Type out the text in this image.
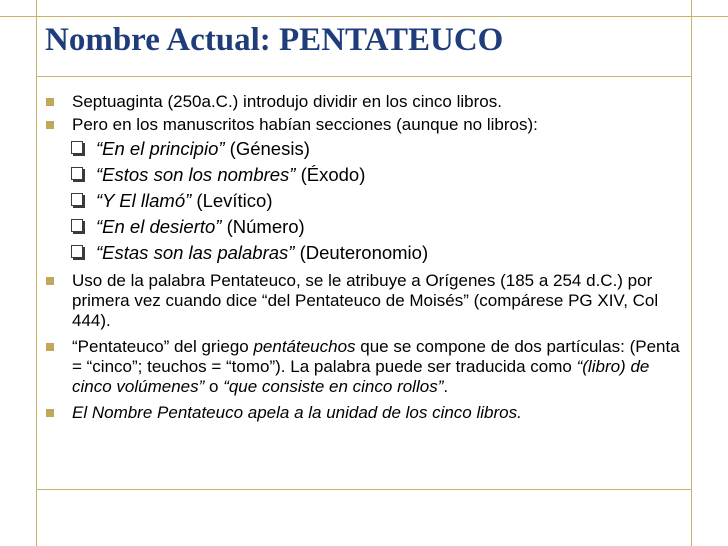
Nombre Actual: PENTATEUCO
Septuaginta (250a.C.) introdujo dividir en los cinco libros.
Pero en los manuscritos habían secciones (aunque no libros):
“En el principio” (Génesis)
“Estos son los nombres” (Éxodo)
“Y El llamó” (Levítico)
“En el desierto” (Número)
“Estas son las palabras” (Deuteronomio)
Uso de la palabra Pentateuco, se le atribuye a Orígenes (185 a 254 d.C.) por primera vez cuando dice “del Pentateuco de Moisés” (compárese PG XIV, Col 444).
“Pentateuco” del griego pentáteuchos que se compone de dos partículas: (Penta = “cinco”; teuchos = “tomo”). La palabra puede ser traducida como “(libro) de cinco volúmenes” o “que consiste en cinco rollos”.
El Nombre Pentateuco apela a la unidad de los cinco libros.
